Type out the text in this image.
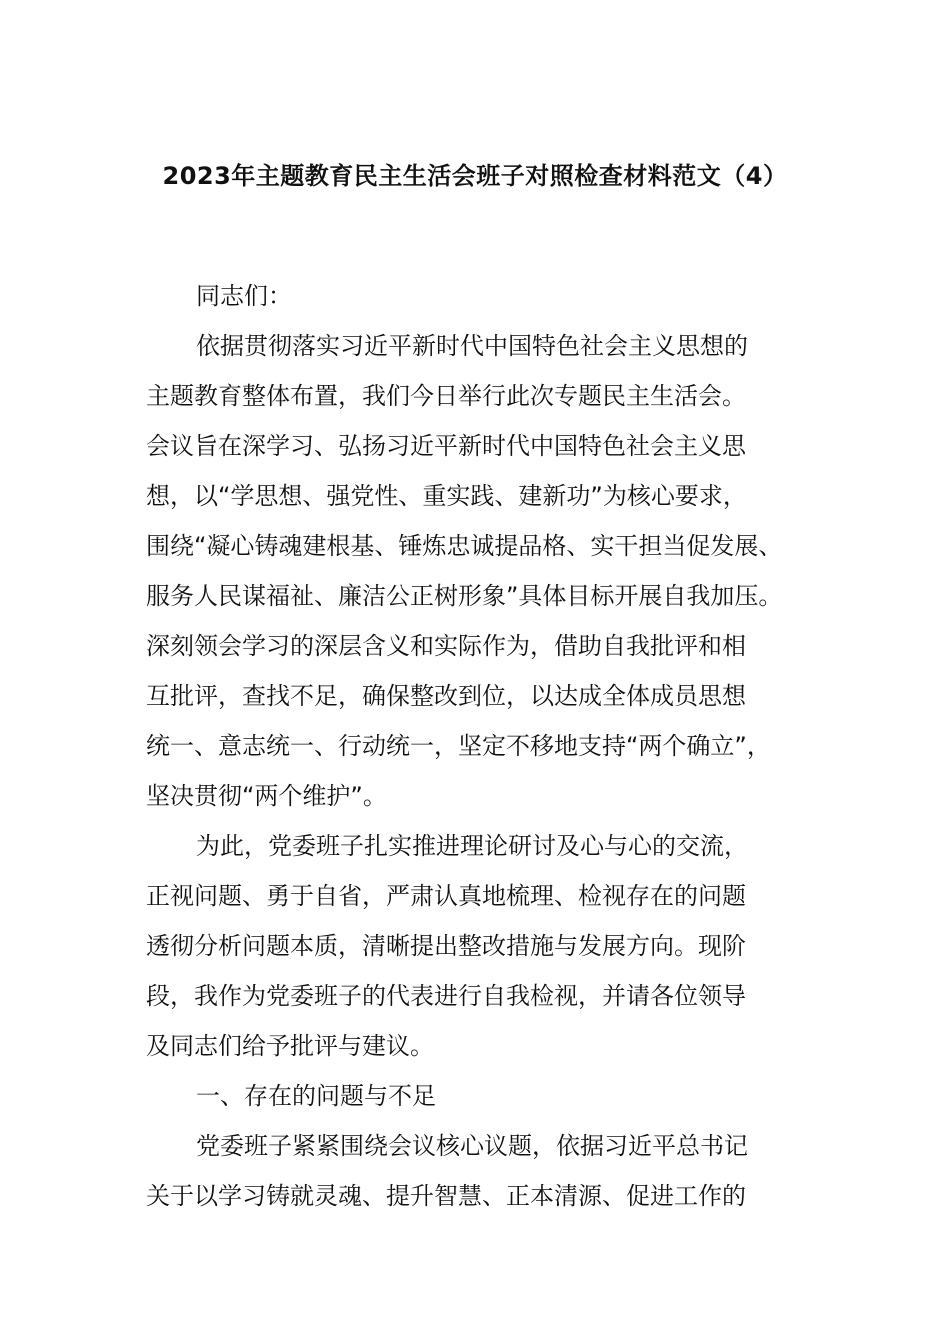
2023年主题教育民主生活会班子对照检查材料范文（4）
同志们：
依据贯彻落实习近平新时代中国特色社会主义思想的
主题教育整体布置，我们今日举行此次专题民主生活会。
会议旨在深学习、弘扬习近平新时代中国特色社会主义思
想，以“学思想、强党性、重实践、建新功”为核心要求，
围绕“凝心铸魂建根基、锤炼忠诚提品格、实干担当促发展、
服务人民谋福祉、廉洁公正树形象”具体目标开展自我加压。
深刻领会学习的深层含义和实际作为，借助自我批评和相
互批评，查找不足，确保整改到位，以达成全体成员思想
统一、意志统一、行动统一，坚定不移地支持“两个确立”，
坚决贯彻“两个维护”。
为此，党委班子扎实推进理论研讨及心与心的交流，
正视问题、勇于自省，严肃认真地梳理、检视存在的问题
透彻分析问题本质，清晰提出整改措施与发展方向。现阶
段，我作为党委班子的代表进行自我检视，并请各位领导
及同志们给予批评与建议。
一、存在的问题与不足
党委班子紧紧围绕会议核心议题，依据习近平总书记
关于以学习铸就灵魂、提升智慧、正本清源、促进工作的
